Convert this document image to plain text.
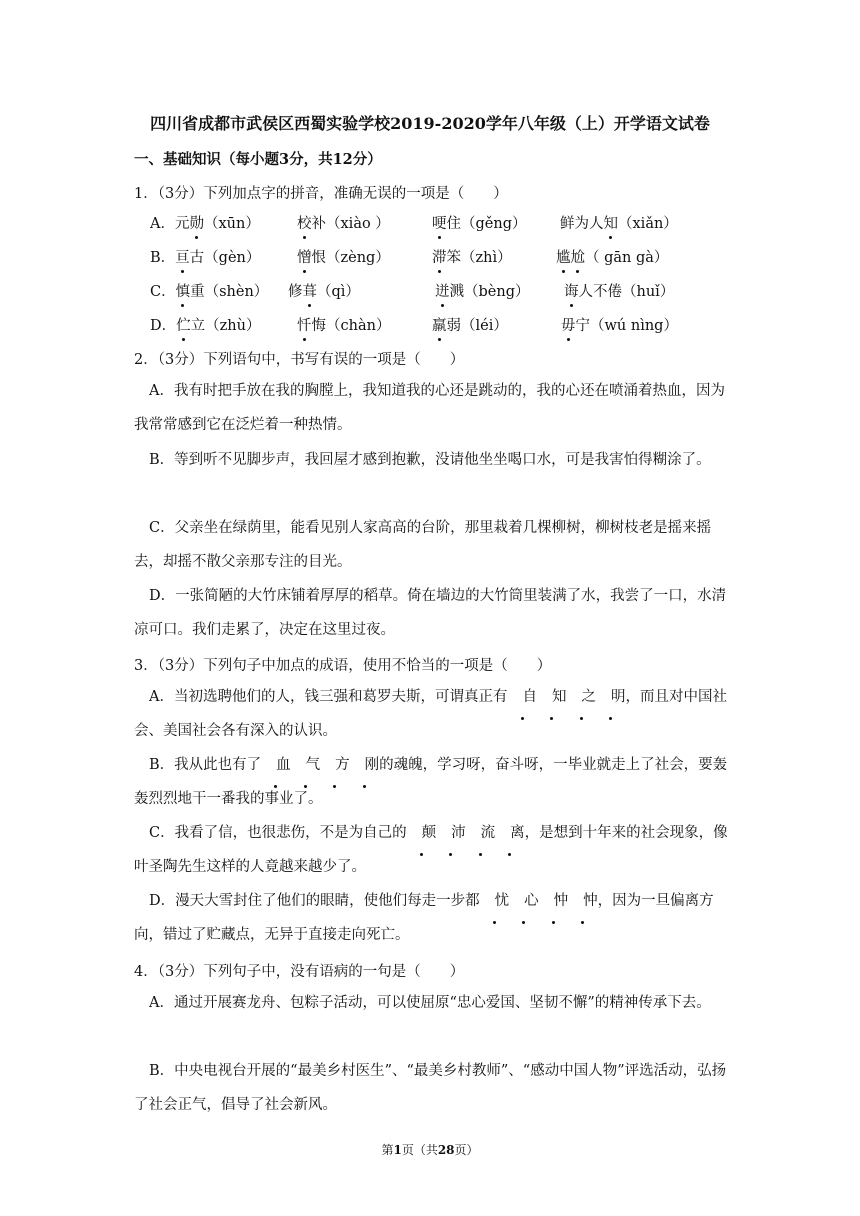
四川省成都市武侯区西蜀实验学校2019-2020学年八年级（上）开学语文试卷
一、基础知识（每小题3分，共12分）
1．（3分）下列加点字的拼音，准确无误的一项是（　　）
A．元勋（xūn）	校补（xiào ）	哽住（gěng） 鲜为人知（xiǎn）
B．亘古（gèn）	憎恨（zèng）	滞笨（zhì）	尴尬（ gān gà）
C．慎重（shèn） 修葺（qì）	迸溅（bèng） 诲人不倦（huǐ）
D．伫立（zhù）	忏悔（chàn）	羸弱（léi）	毋宁（wú nìng）
2．（3分）下列语句中，书写有误的一项是（　　）
A．我有时把手放在我的胸膛上，我知道我的心还是跳动的，我的心还在喷涌着热血，因为我常常感到它在泛烂着一种热情。
B．等到听不见脚步声，我回屋才感到抱歉，没请他坐坐喝口水，可是我害怕得糊涂了。
C．父亲坐在绿荫里，能看见别人家高高的台阶，那里栽着几棵柳树，柳树枝老是摇来摇去，却摇不散父亲那专注的目光。
D．一张简陋的大竹床铺着厚厚的稻草。倚在墙边的大竹筒里装满了水，我尝了一口，水清凉可口。我们走累了，决定在这里过夜。
3．（3分）下列句子中加点的成语，使用不恰当的一项是（　　）
A．当初选聘他们的人，钱三强和葛罗夫斯，可谓真正有 自 知 之 明，而且对中国社会、美国社会各有深入的认识。
B．我从此也有了 血 气 方 刚的魂魄，学习呀，奋斗呀，一毕业就走上了社会，要轰轰烈烈地干一番我的事业了。
C．我看了信，也很悲伤，不是为自己的 颠 沛 流 离，是想到十年来的社会现象，像叶圣陶先生这样的人竟越来越少了。
D．漫天大雪封住了他们的眼睛，使他们每走一步都 忧 心 忡 忡，因为一旦偏离方向，错过了贮藏点，无异于直接走向死亡。
4．（3分）下列句子中，没有语病的一句是（　　）
A．通过开展赛龙舟、包粽子活动，可以使屈原“忠心爱国、坚韧不懈”的精神传承下去。
B．中央电视台开展的“最美乡村医生”、“最美乡村教师”、“感动中国人物”评选活动，弘扬了社会正气，倡导了社会新风。
第1页（共28页）
